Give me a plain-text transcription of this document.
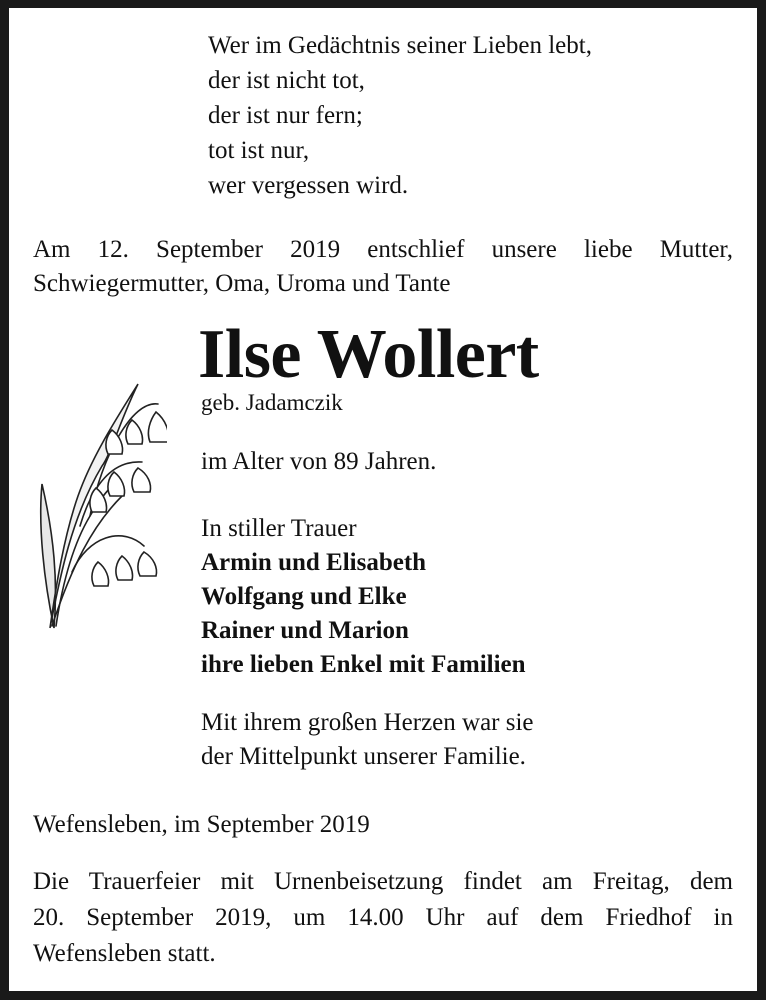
Wer im Gedächtnis seiner Lieben lebt,
der ist nicht tot,
der ist nur fern;
tot ist nur,
wer vergessen wird.
Am 12. September 2019 entschlief unsere liebe Mutter,
Schwiegermutter, Oma, Uroma und Tante
Ilse Wollert
geb. Jadamczik
im Alter von 89 Jahren.
In stiller Trauer
Armin und Elisabeth
Wolfgang und Elke
Rainer und Marion
ihre lieben Enkel mit Familien
Mit ihrem großen Herzen war sie
der Mittelpunkt unserer Familie.
Wefensleben, im September 2019
Die Trauerfeier mit Urnenbeisetzung findet am Freitag, dem
20. September 2019, um 14.00 Uhr auf dem Friedhof in
Wefensleben statt.
